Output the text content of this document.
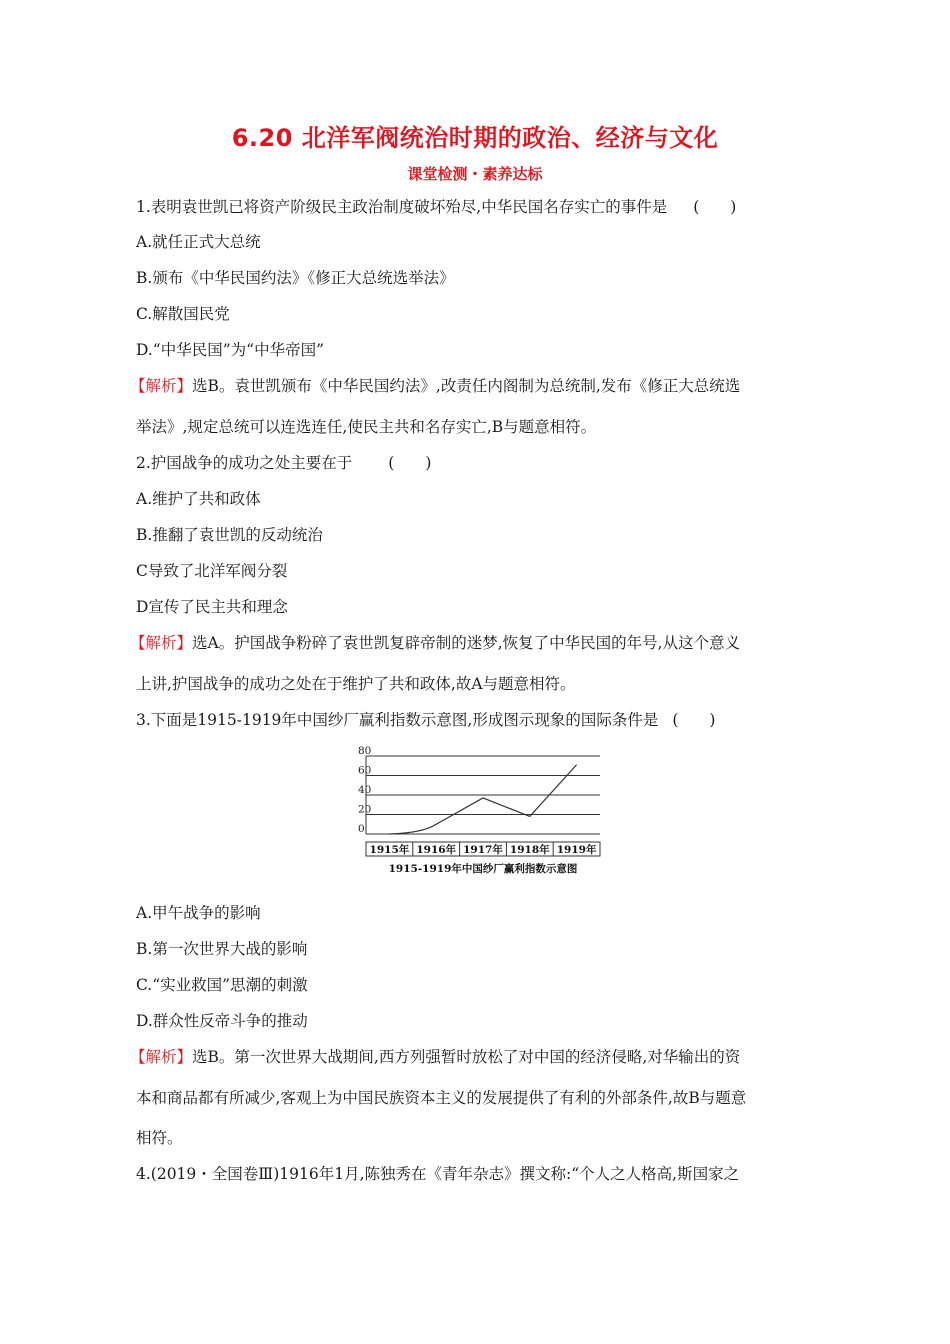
6.20 北洋军阀统治时期的政治、经济与文化
课堂检测・素养达标
1.表明袁世凯已将资产阶级民主政治制度破坏殆尽,中华民国名存实亡的事件是 (　　)
A.就任正式大总统
B.颁布《中华民国约法》《修正大总统选举法》
C.解散国民党
D.“中华民国”为“中华帝国”
【解析】选B。袁世凯颁布《中华民国约法》,改责任内阁制为总统制,发布《修正大总统选
举法》,规定总统可以连选连任,使民主共和名存实亡,B与题意相符。
2.护国战争的成功之处主要在于 (　　)
A.维护了共和政体
B.推翻了袁世凯的反动统治
C导致了北洋军阀分裂
D宣传了民主共和理念
【解析】选A。护国战争粉碎了袁世凯复辟帝制的迷梦,恢复了中华民国的年号,从这个意义
上讲,护国战争的成功之处在于维护了共和政体,故A与题意相符。
3.下面是1915-1919年中国纱厂赢利指数示意图,形成图示现象的国际条件是 (　　)
0
20
40
60
80
1915年 1916年 1917年 1918年 1919年
1915-1919年中国纱厂赢利指数示意图
A.甲午战争的影响
B.第一次世界大战的影响
C.“实业救国”思潮的刺激
D.群众性反帝斗争的推动
【解析】选B。第一次世界大战期间,西方列强暂时放松了对中国的经济侵略,对华输出的资
本和商品都有所减少,客观上为中国民族资本主义的发展提供了有利的外部条件,故B与题意
相符。
4.(2019・全国卷Ⅲ)1916年1月,陈独秀在《青年杂志》撰文称:“个人之人格高,斯国家之
